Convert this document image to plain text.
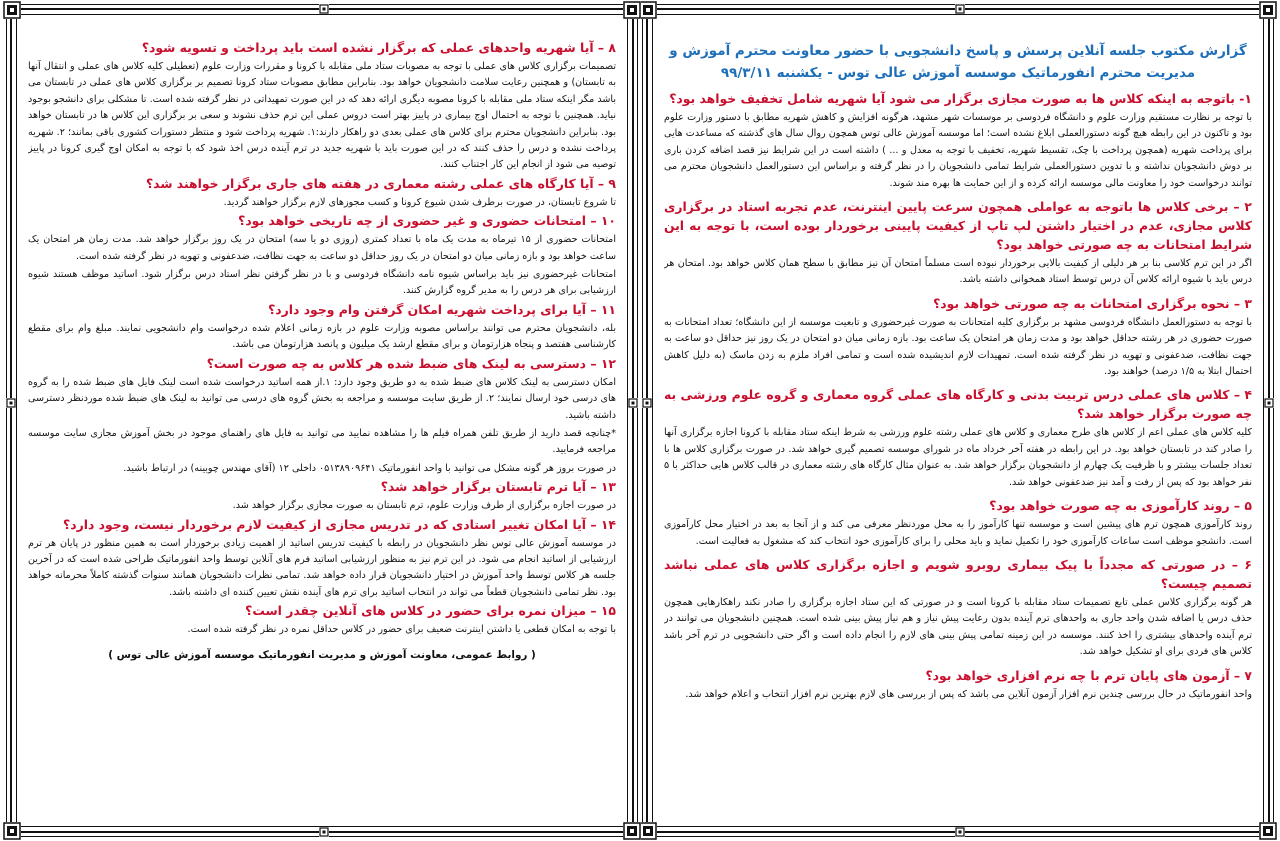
گزارش مکتوب جلسه آنلاین پرسش و پاسخ دانشجویی با حضور معاونت محترم آموزش و
مدیریت محترم انفورماتیک موسسه آموزش عالی توس - یکشنبه ۹۹/۳/۱۱
۱- باتوجه به اینکه کلاس ها به صورت مجازی برگزار می شود آیا شهریه شامل تخفیف خواهد بود؟
با توجه بر نظارت مستقیم وزارت علوم و دانشگاه فردوسی بر موسسات شهر مشهد، هرگونه افزایش و کاهش شهریه مطابق با دستور وزارت علوم بود و تاکنون در این رابطه هیچ گونه دستورالعملی ابلاغ نشده است؛ اما موسسه آموزش عالی توس همچون روال سال های گذشته که مساعدت هایی برای پرداخت شهریه (همچون پرداخت با چک، تقسیط شهریه، تخفیف با توجه به معدل و ... ) داشته است در این شرایط نیز قصد اضافه کردن باری بر دوش دانشجویان نداشته و با تدوین دستورالعملی شرایط تمامی دانشجویان را در نظر گرفته و براساس این دستورالعمل دانشجویان محترم می توانند درخواست خود را معاونت مالی موسسه ارائه کرده و از این حمایت ها بهره مند شوند.
۲ – برخی کلاس ها باتوجه به عواملی همچون سرعت پایین اینترنت، عدم تجربه استاد در برگزاری کلاس مجازی، عدم در اختیار داشتن لپ تاپ از کیفیت پایینی برخوردار بوده است، با توجه به این شرایط امتحانات به چه صورتی خواهد بود؟
اگر در این ترم کلاسی بنا بر هر دلیلی از کیفیت بالایی برخوردار نبوده است مسلماً امتحان آن نیز مطابق با سطح همان کلاس خواهد بود. امتحان هر درس باید با شیوه ارائه کلاس آن درس توسط استاد همخوانی داشته باشد.
۳ – نحوه برگزاری امتحانات به چه صورتی خواهد بود؟
با توجه به دستورالعمل دانشگاه فردوسی مشهد بر برگزاری کلیه امتحانات به صورت غیرحضوری و تابعیت موسسه از این دانشگاه؛ تعداد امتحانات به صورت حضوری در هر رشته حداقل خواهد بود و مدت زمان هر امتحان یک ساعت بود. بازه زمانی میان دو امتحان در یک روز نیز حداقل دو ساعت به جهت نظافت، ضدعفونی و تهویه در نظر گرفته شده است. تمهیدات لازم اندیشیده شده است و تمامی افراد ملزم به زدن ماسک (به دلیل کاهش احتمال ابتلا به ۱/۵ درصد) خواهند بود.
۴ – کلاس های عملی درس تربیت بدنی و کارگاه های عملی گروه معماری و گروه علوم ورزشی به چه صورت برگزار خواهد شد؟
کلیه کلاس های عملی اعم از کلاس های طرح معماری و کلاس های عملی رشته علوم ورزشی به شرط اینکه ستاد مقابله با کرونا اجازه برگزاری آنها را صادر کند در تابستان خواهد بود. در این رابطه در هفته آخر خرداد ماه در شورای موسسه تصمیم گیری خواهد شد. در صورت برگزاری کلاس ها با تعداد جلسات بیشتر و با ظرفیت یک چهارم از دانشجویان برگزار خواهد شد. به عنوان مثال کارگاه های رشته معماری در قالب کلاس هایی حداکثر با ۵ نفر خواهد بود که پس از رفت و آمد نیز ضدعفونی خواهد شد.
۵ – روند کارآموزی به چه صورت خواهد بود؟
روند کارآموزی همچون ترم های پیشین است و موسسه تنها کارآموز را به محل موردنظر معرفی می کند و از آنجا به بعد در اختیار محل کارآموزی است. دانشجو موظف است ساعات کارآموزی خود را تکمیل نماید و باید محلی را برای کارآموزی خود انتخاب کند که مشغول به فعالیت است.
۶ – در صورتی که مجدداً با پیک بیماری روبرو شویم و اجازه برگزاری کلاس های عملی نباشد تصمیم چیست؟
هر گونه برگزاری کلاس عملی تابع تصمیمات ستاد مقابله با کرونا است و در صورتی که این ستاد اجازه برگزاری را صادر نکند راهکارهایی همچون حذف درس یا اضافه شدن واحد جاری به واحدهای ترم آینده بدون رعایت پیش نیاز و هم نیاز پیش بینی شده است. همچنین دانشجویان می توانند در ترم آینده واحدهای بیشتری را اخذ کنند. موسسه در این زمینه تمامی پیش بینی های لازم را انجام داده است و اگر حتی دانشجویی در ترم آخر باشد کلاس های فردی برای او تشکیل خواهد شد.
۷ – آزمون های پایان ترم با چه نرم افزاری خواهد بود؟
واحد انفورماتیک در حال بررسی چندین نرم افزار آزمون آنلاین می باشد که پس از بررسی های لازم بهترین نرم افزار انتخاب و اعلام خواهد شد.
۸ – آیا شهریه واحدهای عملی که برگزار نشده است باید پرداخت و تسویه شود؟
تصمیمات برگزاری کلاس های عملی با توجه به مصوبات ستاد ملی مقابله با کرونا و مقررات وزارت علوم (تعطیلی کلیه کلاس های عملی و انتقال آنها به تابستان) و همچنین رعایت سلامت دانشجویان خواهد بود. بنابراین مطابق مصوبات ستاد کرونا تصمیم بر برگزاری کلاس های عملی در تابستان می باشد مگر اینکه ستاد ملی مقابله با کرونا مصوبه دیگری ارائه دهد که در این صورت تمهیداتی در نظر گرفته شده است. تا مشکلی برای دانشجو بوجود نیاید. همچنین با توجه به احتمال اوج بیماری در پاییز بهتر است دروس عملی این ترم حذف نشوند و سعی بر برگزاری این کلاس ها در تابستان خواهد بود. بنابراین دانشجویان محترم برای کلاس های عملی بعدی دو راهکار دارند:۱. شهریه پرداخت شود و منتظر دستورات کشوری باقی بمانند؛ ۲. شهریه پرداخت نشده و درس را حذف کنند که در این صورت باید با شهریه جدید در ترم آینده درس اخذ شود که با توجه به امکان اوج گیری کرونا در پاییز توصیه می شود از انجام این کار اجتناب کنند.
۹ – آیا کارگاه های عملی رشته معماری در هفته های جاری برگزار خواهند شد؟
تا شروع تابستان، در صورت برطرف شدن شیوع کرونا و کسب مجوزهای لازم برگزار خواهند گردید.
۱۰ – امتحانات حضوری و غیر حضوری از چه تاریخی خواهد بود؟
امتحانات حضوری از ۱۵ تیرماه به مدت یک ماه با تعداد کمتری (روزی دو یا سه) امتحان در یک روز برگزار خواهد شد. مدت زمان هر امتحان یک ساعت خواهد بود و بازه زمانی میان دو امتحان در یک روز حداقل دو ساعت به جهت نظافت، ضدعفونی و تهویه در نظر گرفته شده است.
امتحانات غیرحضوری نیز باید براساس شیوه نامه دانشگاه فردوسی و با در نظر گرفتن نظر استاد درس برگزار شود. اساتید موظف هستند شیوه ارزشیابی برای هر درس را به مدیر گروه گزارش کنند.
۱۱ – آیا برای پرداخت شهریه امکان گرفتن وام وجود دارد؟
بله، دانشجویان محترم می توانند براساس مصوبه وزارت علوم در بازه زمانی اعلام شده درخواست وام دانشجویی نمایند. مبلغ وام برای مقطع کارشناسی هفتصد و پنجاه هزارتومان و برای مقطع ارشد یک میلیون و پانصد هزارتومان می باشد.
۱۲ – دسترسی به لینک های ضبط شده هر کلاس به چه صورت است؟
امکان دسترسی به لینک کلاس های ضبط شده به دو طریق وجود دارد: ۱.از همه اساتید درخواست شده است لینک فایل های ضبط شده را به گروه های درسی خود ارسال نمایند؛ ۲. از طریق سایت موسسه و مراجعه به بخش گروه های درسی می توانید به لینک های ضبط شده موردنظر دسترسی داشته باشید.
*چنانچه قصد دارید از طریق تلفن همراه فیلم ها را مشاهده نمایید می توانید به فایل های راهنمای موجود در بخش آموزش مجازی سایت موسسه مراجعه فرمایید.
در صورت بروز هر گونه مشکل می توانید با واحد انفورماتیک ۰۵۱۳۸۹۰۹۶۴۱ داخلی ۱۲ (آقای مهندس چوبینه) در ارتباط باشید.
۱۳ – آیا ترم تابستان برگزار خواهد شد؟
در صورت اجازه برگزاری از طرف وزارت علوم، ترم تابستان به صورت مجازی برگزار خواهد شد.
۱۴ – آیا امکان تغییر استادی که در تدریس مجازی از کیفیت لازم برخوردار نیست، وجود دارد؟
در موسسه آموزش عالی توس نظر دانشجویان در رابطه با کیفیت تدریس اساتید از اهمیت زیادی برخوردار است به همین منظور در پایان هر ترم ارزشیابی از اساتید انجام می شود. در این ترم نیز به منظور ارزشیابی اساتید فرم های آنلاین توسط واحد انفورماتیک طراحی شده است که در آخرین جلسه هر کلاس توسط واحد آموزش در اختیار دانشجویان قرار داده خواهد شد. تمامی نظرات دانشجویان همانند سنوات گذشته کاملاً محرمانه خواهد بود. نظر تمامی دانشجویان قطعاً می تواند در انتخاب اساتید برای ترم های آینده نقش تعیین کننده ای داشته باشد.
۱۵ – میزان نمره برای حضور در کلاس های آنلاین چقدر است؟
با توجه به امکان قطعی یا داشتن اینترنت ضعیف برای حضور در کلاس حداقل نمره در نظر گرفته شده است.
( روابط عمومی، معاونت آموزش و مدیریت انفورماتیک موسسه آموزش عالی توس )
